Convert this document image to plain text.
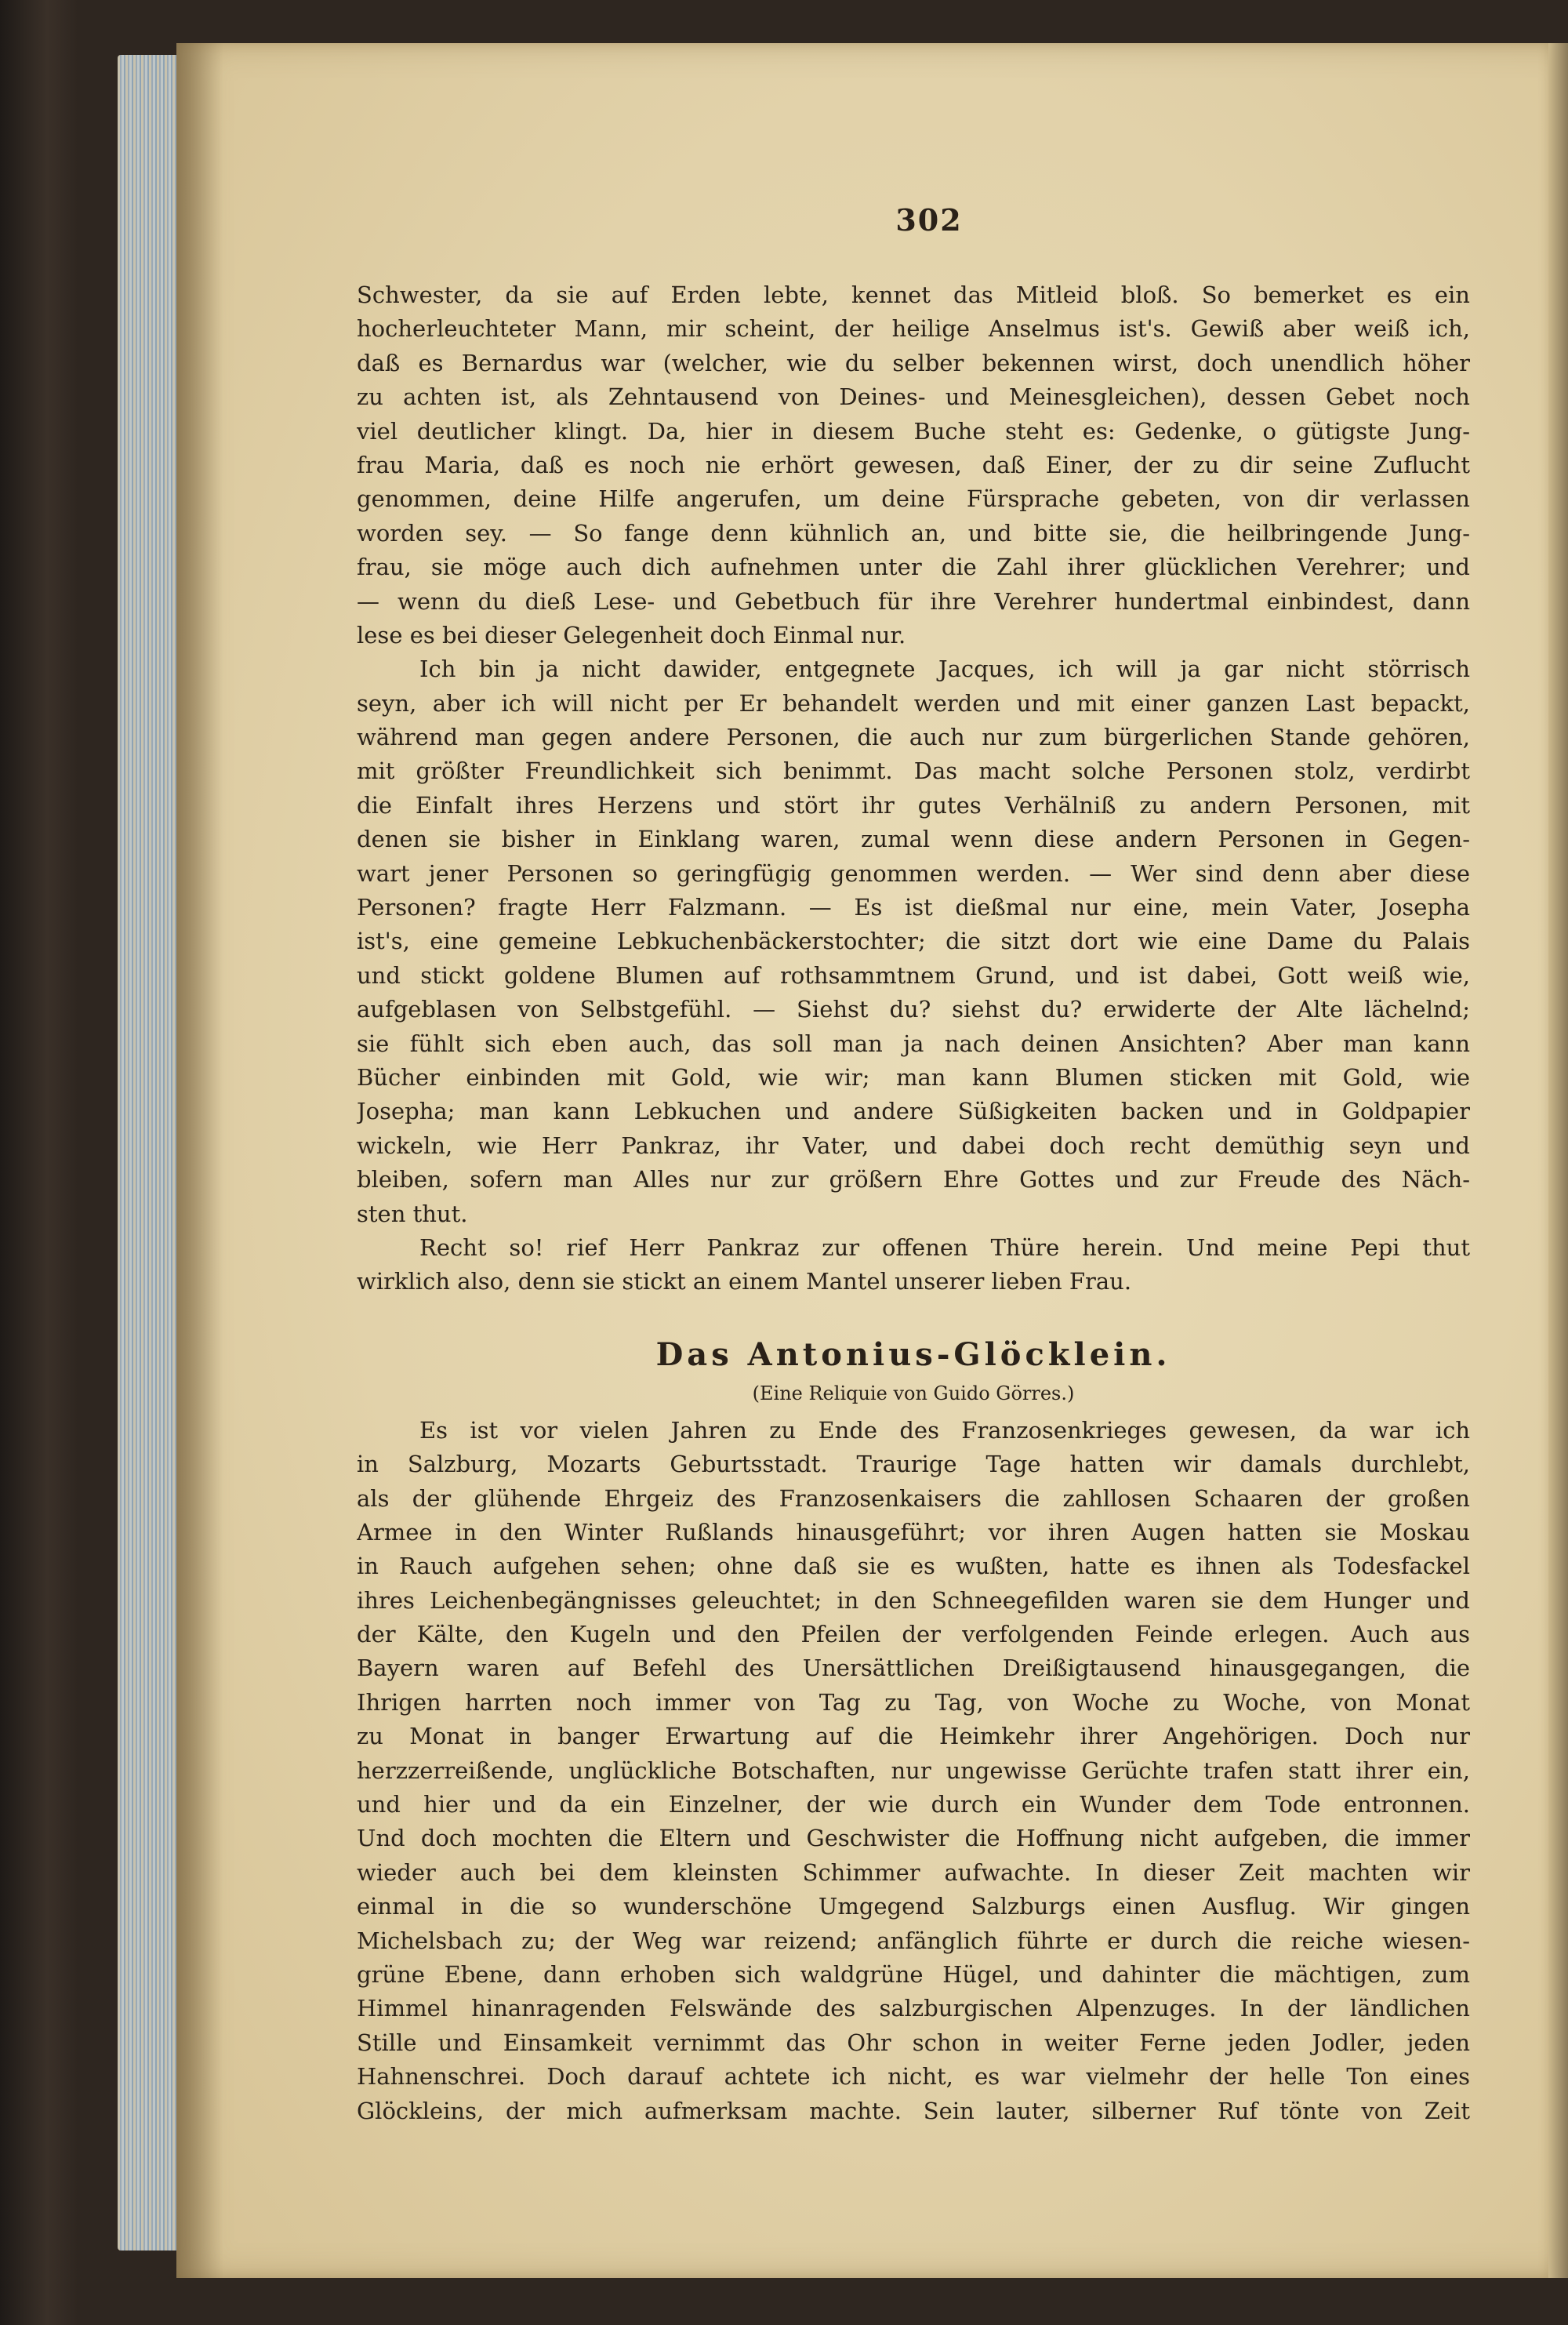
302
Schwester, da sie auf Erden lebte, kennet das Mitleid bloß. So bemerket es ein
hocherleuchteter Mann, mir scheint, der heilige Anselmus ist's. Gewiß aber weiß ich,
daß es Bernardus war (welcher, wie du selber bekennen wirst, doch unendlich höher
zu achten ist, als Zehntausend von Deines- und Meinesgleichen), dessen Gebet noch
viel deutlicher klingt. Da, hier in diesem Buche steht es: Gedenke, o gütigste Jung-
frau Maria, daß es noch nie erhört gewesen, daß Einer, der zu dir seine Zuflucht
genommen, deine Hilfe angerufen, um deine Fürsprache gebeten, von dir verlassen
worden sey. — So fange denn kühnlich an, und bitte sie, die heilbringende Jung-
frau, sie möge auch dich aufnehmen unter die Zahl ihrer glücklichen Verehrer; und
— wenn du dieß Lese- und Gebetbuch für ihre Verehrer hundertmal einbindest, dann
lese es bei dieser Gelegenheit doch Einmal nur.
Ich bin ja nicht dawider, entgegnete Jacques, ich will ja gar nicht störrisch
seyn, aber ich will nicht per Er behandelt werden und mit einer ganzen Last bepackt,
während man gegen andere Personen, die auch nur zum bürgerlichen Stande gehören,
mit größter Freundlichkeit sich benimmt. Das macht solche Personen stolz, verdirbt
die Einfalt ihres Herzens und stört ihr gutes Verhälniß zu andern Personen, mit
denen sie bisher in Einklang waren, zumal wenn diese andern Personen in Gegen-
wart jener Personen so geringfügig genommen werden. — Wer sind denn aber diese
Personen? fragte Herr Falzmann. — Es ist dießmal nur eine, mein Vater, Josepha
ist's, eine gemeine Lebkuchenbäckerstochter; die sitzt dort wie eine Dame du Palais
und stickt goldene Blumen auf rothsammtnem Grund, und ist dabei, Gott weiß wie,
aufgeblasen von Selbstgefühl. — Siehst du? siehst du? erwiderte der Alte lächelnd;
sie fühlt sich eben auch, das soll man ja nach deinen Ansichten? Aber man kann
Bücher einbinden mit Gold, wie wir; man kann Blumen sticken mit Gold, wie
Josepha; man kann Lebkuchen und andere Süßigkeiten backen und in Goldpapier
wickeln, wie Herr Pankraz, ihr Vater, und dabei doch recht demüthig seyn und
bleiben, sofern man Alles nur zur größern Ehre Gottes und zur Freude des Näch-
sten thut.
Recht so! rief Herr Pankraz zur offenen Thüre herein. Und meine Pepi thut
wirklich also, denn sie stickt an einem Mantel unserer lieben Frau.
Das Antonius-Glöcklein.
(Eine Reliquie von Guido Görres.)
Es ist vor vielen Jahren zu Ende des Franzosenkrieges gewesen, da war ich
in Salzburg, Mozarts Geburtsstadt. Traurige Tage hatten wir damals durchlebt,
als der glühende Ehrgeiz des Franzosenkaisers die zahllosen Schaaren der großen
Armee in den Winter Rußlands hinausgeführt; vor ihren Augen hatten sie Moskau
in Rauch aufgehen sehen; ohne daß sie es wußten, hatte es ihnen als Todesfackel
ihres Leichenbegängnisses geleuchtet; in den Schneegefilden waren sie dem Hunger und
der Kälte, den Kugeln und den Pfeilen der verfolgenden Feinde erlegen. Auch aus
Bayern waren auf Befehl des Unersättlichen Dreißigtausend hinausgegangen, die
Ihrigen harrten noch immer von Tag zu Tag, von Woche zu Woche, von Monat
zu Monat in banger Erwartung auf die Heimkehr ihrer Angehörigen. Doch nur
herzzerreißende, unglückliche Botschaften, nur ungewisse Gerüchte trafen statt ihrer ein,
und hier und da ein Einzelner, der wie durch ein Wunder dem Tode entronnen.
Und doch mochten die Eltern und Geschwister die Hoffnung nicht aufgeben, die immer
wieder auch bei dem kleinsten Schimmer aufwachte. In dieser Zeit machten wir
einmal in die so wunderschöne Umgegend Salzburgs einen Ausflug. Wir gingen
Michelsbach zu; der Weg war reizend; anfänglich führte er durch die reiche wiesen-
grüne Ebene, dann erhoben sich waldgrüne Hügel, und dahinter die mächtigen, zum
Himmel hinanragenden Felswände des salzburgischen Alpenzuges. In der ländlichen
Stille und Einsamkeit vernimmt das Ohr schon in weiter Ferne jeden Jodler, jeden
Hahnenschrei. Doch darauf achtete ich nicht, es war vielmehr der helle Ton eines
Glöckleins, der mich aufmerksam machte. Sein lauter, silberner Ruf tönte von Zeit
